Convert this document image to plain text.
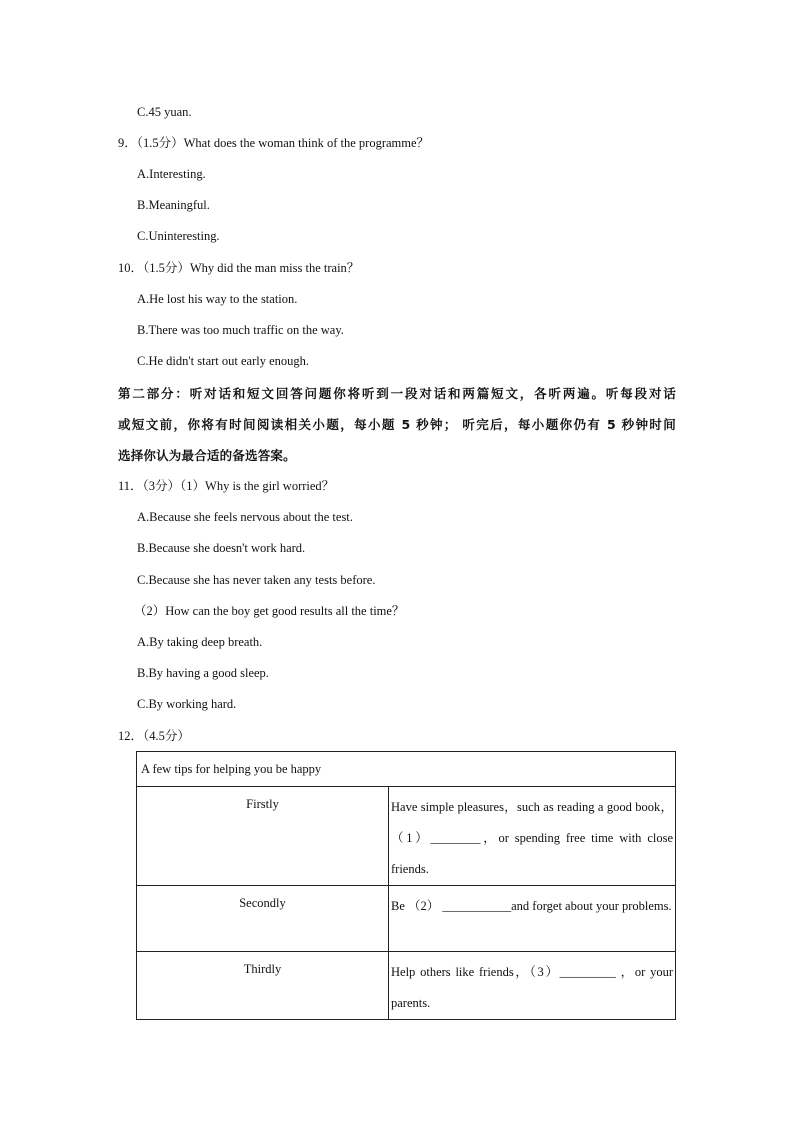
C.45 yuan.
9．（1.5分）What does the woman think of the programme？
A.Interesting.
B.Meaningful.
C.Uninteresting.
10．（1.5分）Why did the man miss the train？
A.He lost his way to the station.
B.There was too much traffic on the way.
C.He didn't start out early enough.
第二部分：听对话和短文回答问题你将听到一段对话和两篇短文，各听两遍。听每段对话
或短文前，你将有时间阅读相关小题，每小题 5 秒钟； 听完后，每小题你仍有 5 秒钟时间
选择你认为最合适的备选答案。
11．（3分）（1）Why is the girl worried？
A.Because she feels nervous about the test.
B.Because she doesn't work hard.
C.Because she has never taken any tests before.
（2）How can the boy get good results all the time？
A.By taking deep breath.
B.By having a good sleep.
C.By working hard.
12．（4.5分）
A few tips for helping you be happy	
Firstly	Have simple pleasures，such as reading a good book，（1）________，or spending free time with close friends.
Secondly	Be （2） ___________and forget about your problems.
Thirdly	Help others like friends，（3）_________ ，or your parents.
